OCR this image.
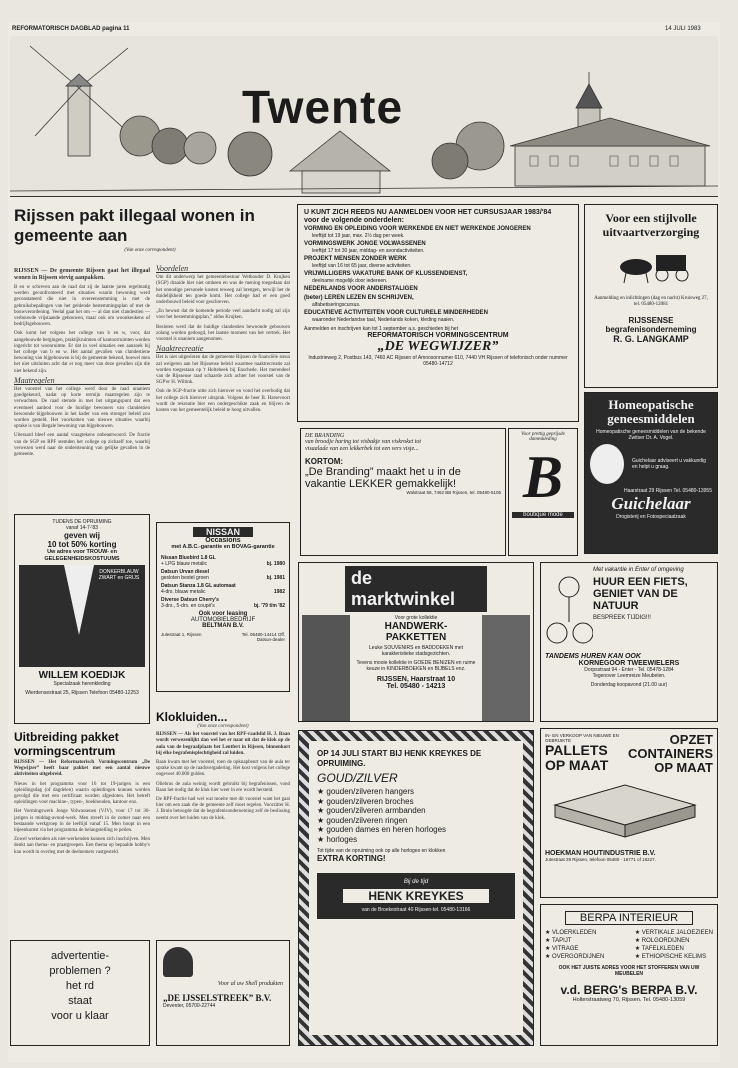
REFORMATORISCH DAGBLAD pagina 11	14 JULI 1983
Twente
Rijssen pakt illegaal wonen in gemeente aan
(Van onze correspondent)
RIJSSEN — De gemeente Rijssen gaat het illegaal wonen in Rijssen stevig aanpakken.
B en w schreven aan de raad dat zij de laatste jaren regelmatig werden geconfronteerd met situaties waarin bewoning werd geconstateerd die niet in overeenstemming is met de gebruiksbepalingen van het geldende bestemmingsplan of met de bouwverordening. Veelal gaat het om — al dan niet clandestien — verbouwde vrijstaande gebouwen, maar ook om woonkeukens of bedrijfsgebouwen.
Ook komt het volgens het college van b en w, voor, dat aangebouwde bergingen, praktijkruimten of kantoorruimten worden ingericht tot woonruimte. Er dat in veel situaties een aanzoek bij het college van b en w. Het aantal gevallen van clandestiene bewoning van bijgebouwen is bij de gemeente bekend, hoewel men het niet uitsluiten acht dat er nog meer van deze gevallen zijn die niet bekend zijn.
Maatregelen
Het voorstel van het college werd door de raad unaniem goedgekeurd, nadat op korte termijn maatregelen zijn te verwachten. De raad stemde in met het uitgangspunt dat een eventueel aanbod voor de huidige bewoners van clandestien bewoonde bijgebouwen in het kader van een strenger beleid zou worden gesteld. Het voorkomen van nieuwe situaties waarbij sprake is van illegale bewoning van bijgebouwen.
Uiteraard bleef een aantal vraagtekens onbeantwoord. De fractie van de SGP en RPF stemden het college op zichzelf toe, waarbij verwezen werd naar de ondersteuning van gelijke gevallen in de gemeente.
Voordelen
Om dit onderwerp het gemeentebestuur Wethouder D. Krujken (SGP) draaide hier niet omheen en was de mening toegedaan dat het onnodige personele kosten teweeg zal brengen, terwijl het de duidelijkheid ten goede komt. Het college had er een goed onderbouwd beleid voor geschreven.
„En bewust dat de komende periode veel aandacht nodig zal zijn voor het bestemmingsplan,” aldus Krujken.
Besloten werd dat de huidige clandestien bewoonde gebouwen zolang worden gedoogd, het laatste moment van het vertrek. Het voorstel is unaniem aangenomen.
Naaktrecreatie
Het is niet uitgesloten dat de gemeente Rijssen de financiële steun zal weigeren aan het Rijssense beleid waarmee naaktrecreatie zal worden toegestaan op 't Holtebeek bij Enschede. Het merendeel van de Rijssense raad schaarde zich achter het voorstel van de SGP'er H. Wiltink.
Ook de SGP-fractie uitte zich hierover en vond het overbodig dat het college zich hierover uitsprak. Volgens de heer B. Harsevoort wordt de rekreatie hier een ondergeschikte zaak en blijven de kosten van het gemeentelijk beleid te hoog uitvallen.
U KUNT ZICH REEDS NU AANMELDEN VOOR HET CURSUSJAAR 1983/'84
voor de volgende onderdelen:
VORMING EN OPLEIDING VOOR WERKENDE EN NIET WERKENDE JONGEREN
leeftijd tot 19 jaar, max. 2½ dag per week.
VORMINGSWERK JONGE VOLWASSENEN
leeftijd 17 tot 30 jaar, middag- en avondactiviteiten.
PROJEKT MENSEN ZONDER WERK
leeftijd van 16 tot 65 jaar, diverse activiteiten.
VRIJWILLIGERS VAKATURE BANK OF KLUSSENDIENST,
deelname mogelijk door iedereen.
NEDERLANDS VOOR ANDERSTALIGEN
(beter) LEREN LEZEN EN SCHRIJVEN,
alfabetiseringscursus.
EDUCATIEVE ACTIVITEITEN VOOR CULTURELE MINDERHEDEN
waaronder Nederlandse taal, Nederlands koken, kleding naaien.
Aanmelden en inschrijven kan tot 1 september a.s. geschieden bij het
REFORMATORISCH VORMINGSCENTRUM
„DE WEGWIJZER”
Industrieweg 2, Postbus 143, 7460 AC Rijssen of Amnosonnumer 610, 7440 VH Rijssen of telefonisch onder nummer 05480-14712
Voor een stijlvolle
uitvaartverzorging
Aanmelding en inlichtingen (dag en nacht) Kruisweg 27, tel. 05480-12081
RIJSSENSE
begrafenisonderneming
R. G. LANGKAMP
Homeopatische
geneesmiddelen
Homeopatische geneesmiddelen van de bekende Zwitser Dr. A. Vogel.
Guichelaar adviseert u vakkundig en helpt u graag.
Haarstraat 29 Rijssen Tel. 05480-13955
Guichelaar
Drogisterij en Fotospeciaalzaak
DE BRANDING
van broodje haring tot visbakje van viskroket tot visaalade van een lekkerbek tot een vers visje...
KORTOM:
„De Branding” maakt het u in de vakantie LEKKER gemakkelijk!
Walstraat 58, 7462 BB Rijssen, tel. 05480-5105
Voor prettig geprijsde dameskleding
B
boutique mode
TUDENS DE OPRUIMING
vanaf 14-7-'83
geven wij
10 tot 50% korting
Uw adres voor TROUW- en GELEGENHEIDSKOSTUUMS
DONKERBLAUW ZWART en GRIJS
WILLEM KOEDIJK
Specialzaak herenkleding
Wierdensestraat 25, Rijssen Telefoon 05480-12253
NISSAN
Occasions
met A.B.C.-garantie en BOVAG-garantie
Nissan Bluebird 1.8 GL
+ LPG blauw metalic	bj. 1980
Datsun Urvan diesel
gesloten bestel groen	bj. 1981
Datsun Stanza 1.8 GL automaat
4-drs. blauw metalic	1982
Diverse Datsun Cherry's
3-drs., 5-drs. en coupé's	bj. '79 t/m '82
Ook voor leasing
AUTOMOBIELBEDRIJF
BELTMAN B.V.
Julestraat 1, Rijssen	Tel. 05480-14414 Off. Datsun-dealer
Uitbreiding pakket vormingscentrum
RIJSSEN — Het Reformatorisch Vormingscentrum „De Wegwijzer” heeft haar pakket met een aantal nieuwe aktiviteiten uitgebreid.
Nieuw in het programma voor 16 tot 19-jarigen is een opleidingsdag (of dagdelen) waarin opleidingen kunnen worden gevolgd die met een certificaat worden afgesloten. Het betreft opleidingen voor machine-, typen-, boekhouden, kantoor enz.
Het Vormingswerk Jonge Volwassenen (VJV), voor 17 tot 30-jarigen is middag-avond-werk. Men streeft in de zomer naar een bestaande werkgroep in de leeftijd vanaf 15. Men hoopt in een bijeenkomst via het programma de belangstelling te peilen.
Zowel werkenden als niet-werkenden kunnen zich inschrijven. Men denkt aan thema- en praatgroepen. Een thema op bepaalde hobby's kan wordt in overleg met de deelnemers vastgesteld.
Klokluiden...
(Van onze correspondent)
RIJSSEN — Als het voorstel van het RPF-raadslid H. J. Baan wordt verwezenlijkt dan wel het er naar uit dat de klok op de aula van de begraafplaats het Lentfert in Rijssen, binnenkort bij elke begrafenisplechtigheid zal luiden.
Baan kwam met het voorstel, toen de opknapbeurt van de aula ter sprake kwam op de raadsvergadering. Het kost volgens het college ongeveer 40.000 gulden.
Oliebrus de aula weinig wordt gebruikt bij begrafenissen, vond Baan het nodig dat de klok hier weer in ere wordt hersteld.
De RPF-fractie had wel wat moeite met dit voorstel want het gaat hier om een zaak die de gemeente zelf moet regelen. Voorzitter H. J. Bruin betoogde dat de begrafenisonderneming zelf de beslissing neemt over het luiden van de klok.
advertentie-
problemen ?
het rd
staat
voor u klaar
Voor al uw Shell produkten
„DE IJSSELSTREEK” B.V.
Deventer, 05700-22744
de marktwinkel
Voor grote kollektie
HANDWERK-
PAKKETTEN
Leuke SOUVENIRS en BADDOEKEN met karakteristieke stadsgezichten.
Tevens mooie kollektie in GOEDE BENIZEN en ruime keuze in KINDERBOEKEN en BIJBELS enz.
RIJSSEN, Haarstraat 10
Tel. 05480 - 14213
OP 14 JULI START BIJ HENK KREYKES DE OPRUIMING.
GOUD/ZILVER
★ gouden/zilveren hangers
★ gouden/zilveren broches
★ gouden/zilveren armbanden
★ gouden/zilveren ringen
★ gouden dames en heren horloges
★ horloges
Tot tijde van de opruiming ook op alle horloges en klokken
EXTRA KORTING!
Bij de tijd
HENK KREYKES
van de Broekestraat 40 Rijssen-tel. 05480-13166
Met vakantie in Enter of omgeving
HUUR EEN FIETS, GENIET VAN DE NATUUR
BESPREEK TIJDIG!!!
TANDEMS HUREN KAN OOK
KORNEGOOR TWEEWIELERS
Dorpsstraat 94 - Enter - Tel. 05478-1284
Tegenover Leemreize Meubelen.
Donderdag koopavond (21.00 uur)
IN- EN VERKOOP VAN NIEUWE EN GEBRUIKTE
PALLETS
OP MAAT
OPZET
CONTAINERS
OP MAAT
HOEKMAN HOUTINDUSTRIE B.V.
Jutestraat 29 Rijssen, telefoon 05480 - 16771 of 18227.
BERPA INTERIEUR
★ VLOERKLEDEN
★ TAPIJT
★ VITRAGE
★ OVERGORDIJNEN
★ VERTIKALE JALOEZIEEN
★ ROLGORDIJNEN
★ TAFELKLEDEN
★ ETHIOPISCHE KELIMS
OOK HET JUISTE ADRES VOOR HET STOFFEREN VAN UW MEUBELEN
v.d. BERG's BERPA B.V.
Holterstraatweg 70, Rijssen. Tel. 05480-13059
